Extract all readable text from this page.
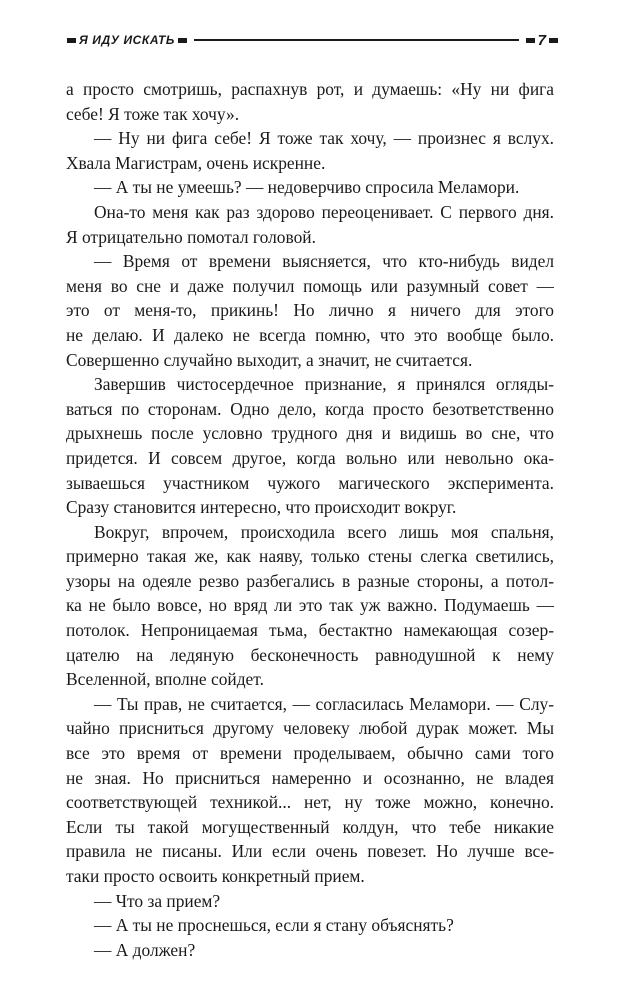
Я ИДУ ИСКАТЬ	7
а просто смотришь, распахнув рот, и думаешь: «Ну ни фига
себе! Я тоже так хочу».
— Ну ни фига себе! Я тоже так хочу, — произнес я вслух.
Хвала Магистрам, очень искренне.
— А ты не умеешь? — недоверчиво спросила Меламори.
Она-то меня как раз здорово переоценивает. С первого дня.
Я отрицательно помотал головой.
— Время от времени выясняется, что кто-нибудь видел
меня во сне и даже получил помощь или разумный совет —
это от меня-то, прикинь! Но лично я ничего для этого
не делаю. И далеко не всегда помню, что это вообще было.
Совершенно случайно выходит, а значит, не считается.
Завершив чистосердечное признание, я принялся огляды-
ваться по сторонам. Одно дело, когда просто безответственно
дрыхнешь после условно трудного дня и видишь во сне, что
придется. И совсем другое, когда вольно или невольно ока-
зываешься участником чужого магического эксперимента.
Сразу становится интересно, что происходит вокруг.
Вокруг, впрочем, происходила всего лишь моя спальня,
примерно такая же, как наяву, только стены слегка светились,
узоры на одеяле резво разбегались в разные стороны, а потол-
ка не было вовсе, но вряд ли это так уж важно. Подумаешь —
потолок. Непроницаемая тьма, бестактно намекающая созер-
цателю на ледяную бесконечность равнодушной к нему
Вселенной, вполне сойдет.
— Ты прав, не считается, — согласилась Меламори. — Слу-
чайно присниться другому человеку любой дурак может. Мы
все это время от времени проделываем, обычно сами того
не зная. Но присниться намеренно и осознанно, не владея
соответствующей техникой... нет, ну тоже можно, конечно.
Если ты такой могущественный колдун, что тебе никакие
правила не писаны. Или если очень повезет. Но лучше все-
таки просто освоить конкретный прием.
— Что за прием?
— А ты не проснешься, если я стану объяснять?
— А должен?
